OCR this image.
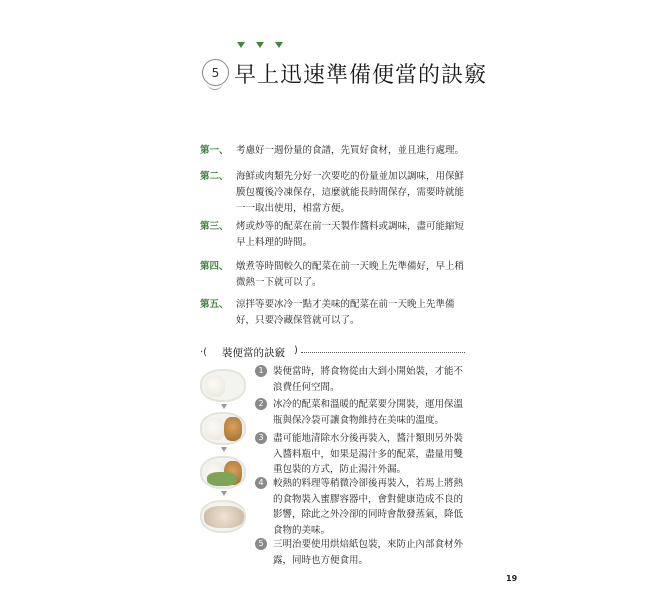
5 早上迅速準備便當的訣竅
第一、 考慮好一週份量的食譜，先買好食材，並且進行處理。
第二、 海鮮或肉類先分好一次要吃的份量並加以調味，用保鮮膜包覆後冷凍保存，這麼就能長時間保存，需要時就能一一取出使用，相當方便。
第三、 烤或炒等的配菜在前一天製作醬料或調味，盡可能縮短早上料理的時間。
第四、 燉煮等時間較久的配菜在前一天晚上先準備好，早上稍微熱一下就可以了。
第五、 涼拌等要冰冷一點才美味的配菜在前一天晚上先準備好，只要冷藏保管就可以了。
·( 裝便當的訣竅 )
1 裝便當時，將食物從由大到小開始裝，才能不浪費任何空間。
2 冰冷的配菜和溫暖的配菜要分開裝，運用保溫瓶與保冷袋可讓食物維持在美味的溫度。
3 盡可能地清除水分後再裝入，醬汁類則另外裝入醬料瓶中，如果是湯汁多的配菜，盡量用雙重包裝的方式，防止湯汁外漏。
4 較熱的料理等稍微冷卻後再裝入，若馬上將熱的食物裝入蜜膠容器中，會對健康造成不良的影響，除此之外冷卻的同時會散發蒸氣，降低食物的美味。
5 三明治要使用烘焙紙包裝，來防止內部食材外露，同時也方便食用。
19
